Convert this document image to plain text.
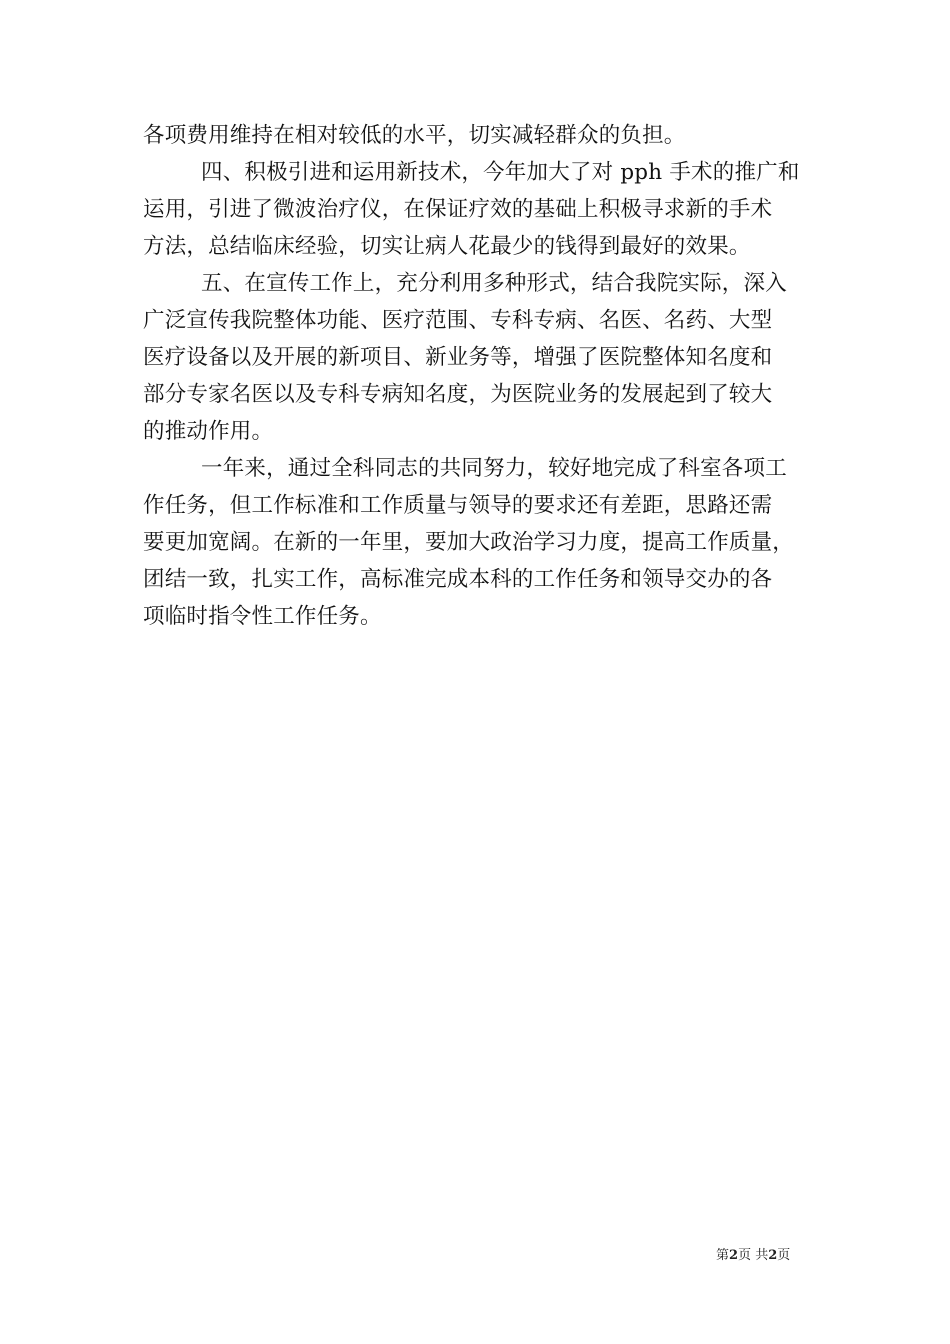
各项费用维持在相对较低的水平，切实减轻群众的负担。
四、积极引进和运用新技术，今年加大了对 pph 手术的推广和
运用，引进了微波治疗仪，在保证疗效的基础上积极寻求新的手术
方法，总结临床经验，切实让病人花最少的钱得到最好的效果。
五、在宣传工作上，充分利用多种形式，结合我院实际，深入
广泛宣传我院整体功能、医疗范围、专科专病、名医、名药、大型
医疗设备以及开展的新项目、新业务等，增强了医院整体知名度和
部分专家名医以及专科专病知名度，为医院业务的发展起到了较大
的推动作用。
一年来，通过全科同志的共同努力，较好地完成了科室各项工
作任务，但工作标准和工作质量与领导的要求还有差距，思路还需
要更加宽阔。在新的一年里，要加大政治学习力度，提高工作质量，
团结一致，扎实工作，高标准完成本科的工作任务和领导交办的各
项临时指令性工作任务。
第2页 共2页
